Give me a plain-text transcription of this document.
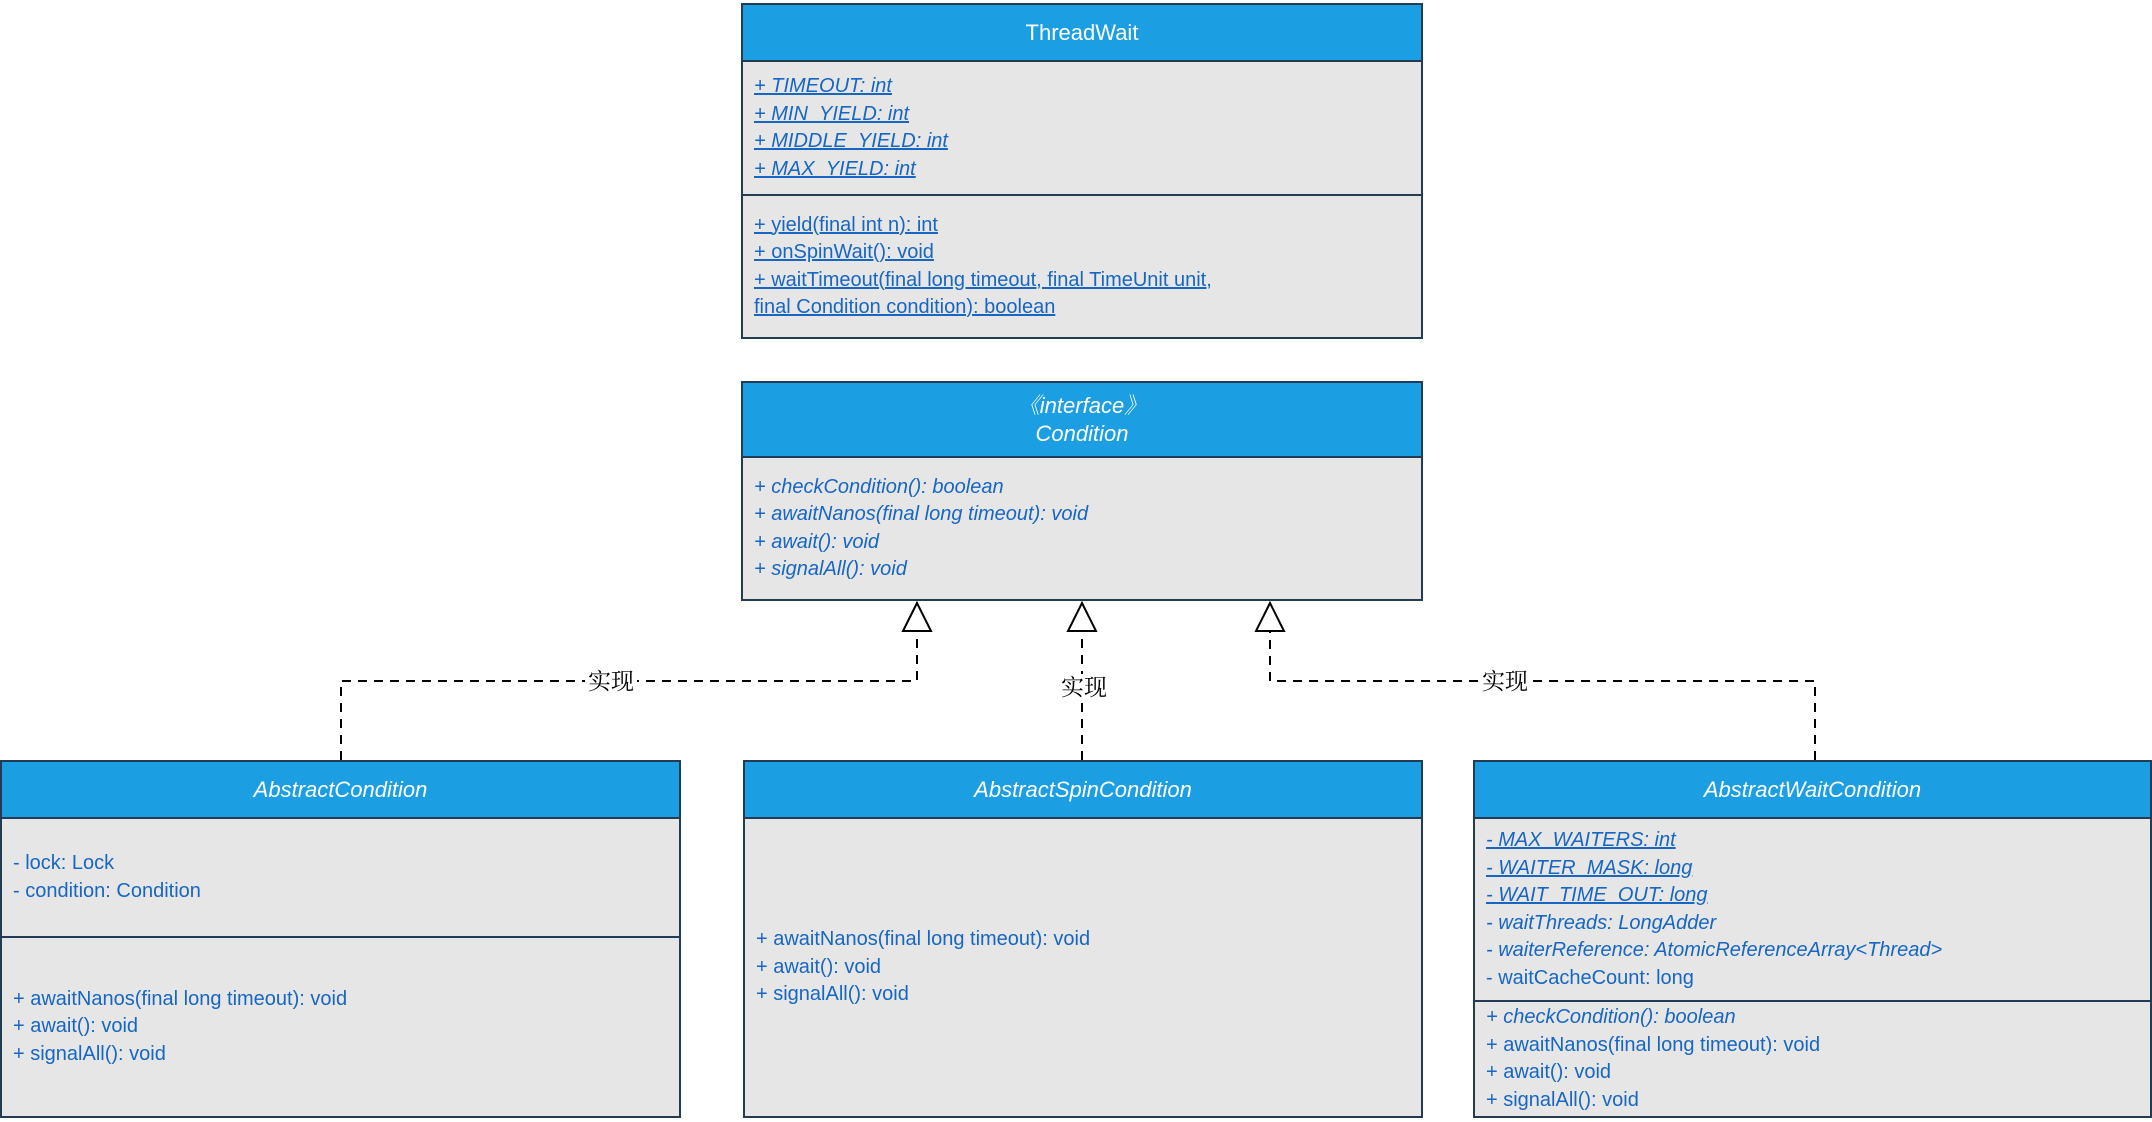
ThreadWait
+ TIMEOUT: int
+ MIN_YIELD: int
+ MIDDLE_YIELD: int
+ MAX_YIELD: int
+ yield(final int n): int
+ onSpinWait(): void
+ waitTimeout(final long timeout, final TimeUnit unit,
final Condition condition): boolean
《interface》
Condition
+ checkCondition(): boolean
+ awaitNanos(final long timeout): void
+ await(): void
+ signalAll(): void
AbstractCondition
- lock: Lock
- condition: Condition
+ awaitNanos(final long timeout): void
+ await(): void
+ signalAll(): void
AbstractSpinCondition
+ awaitNanos(final long timeout): void
+ await(): void
+ signalAll(): void
AbstractWaitCondition
- MAX_WAITERS: int
- WAITER_MASK: long
- WAIT_TIME_OUT: long
- waitThreads: LongAdder
- waiterReference: AtomicReferenceArray<Thread>
- waitCacheCount: long
+ checkCondition(): boolean
+ awaitNanos(final long timeout): void
+ await(): void
+ signalAll(): void
实现	实现	实现
